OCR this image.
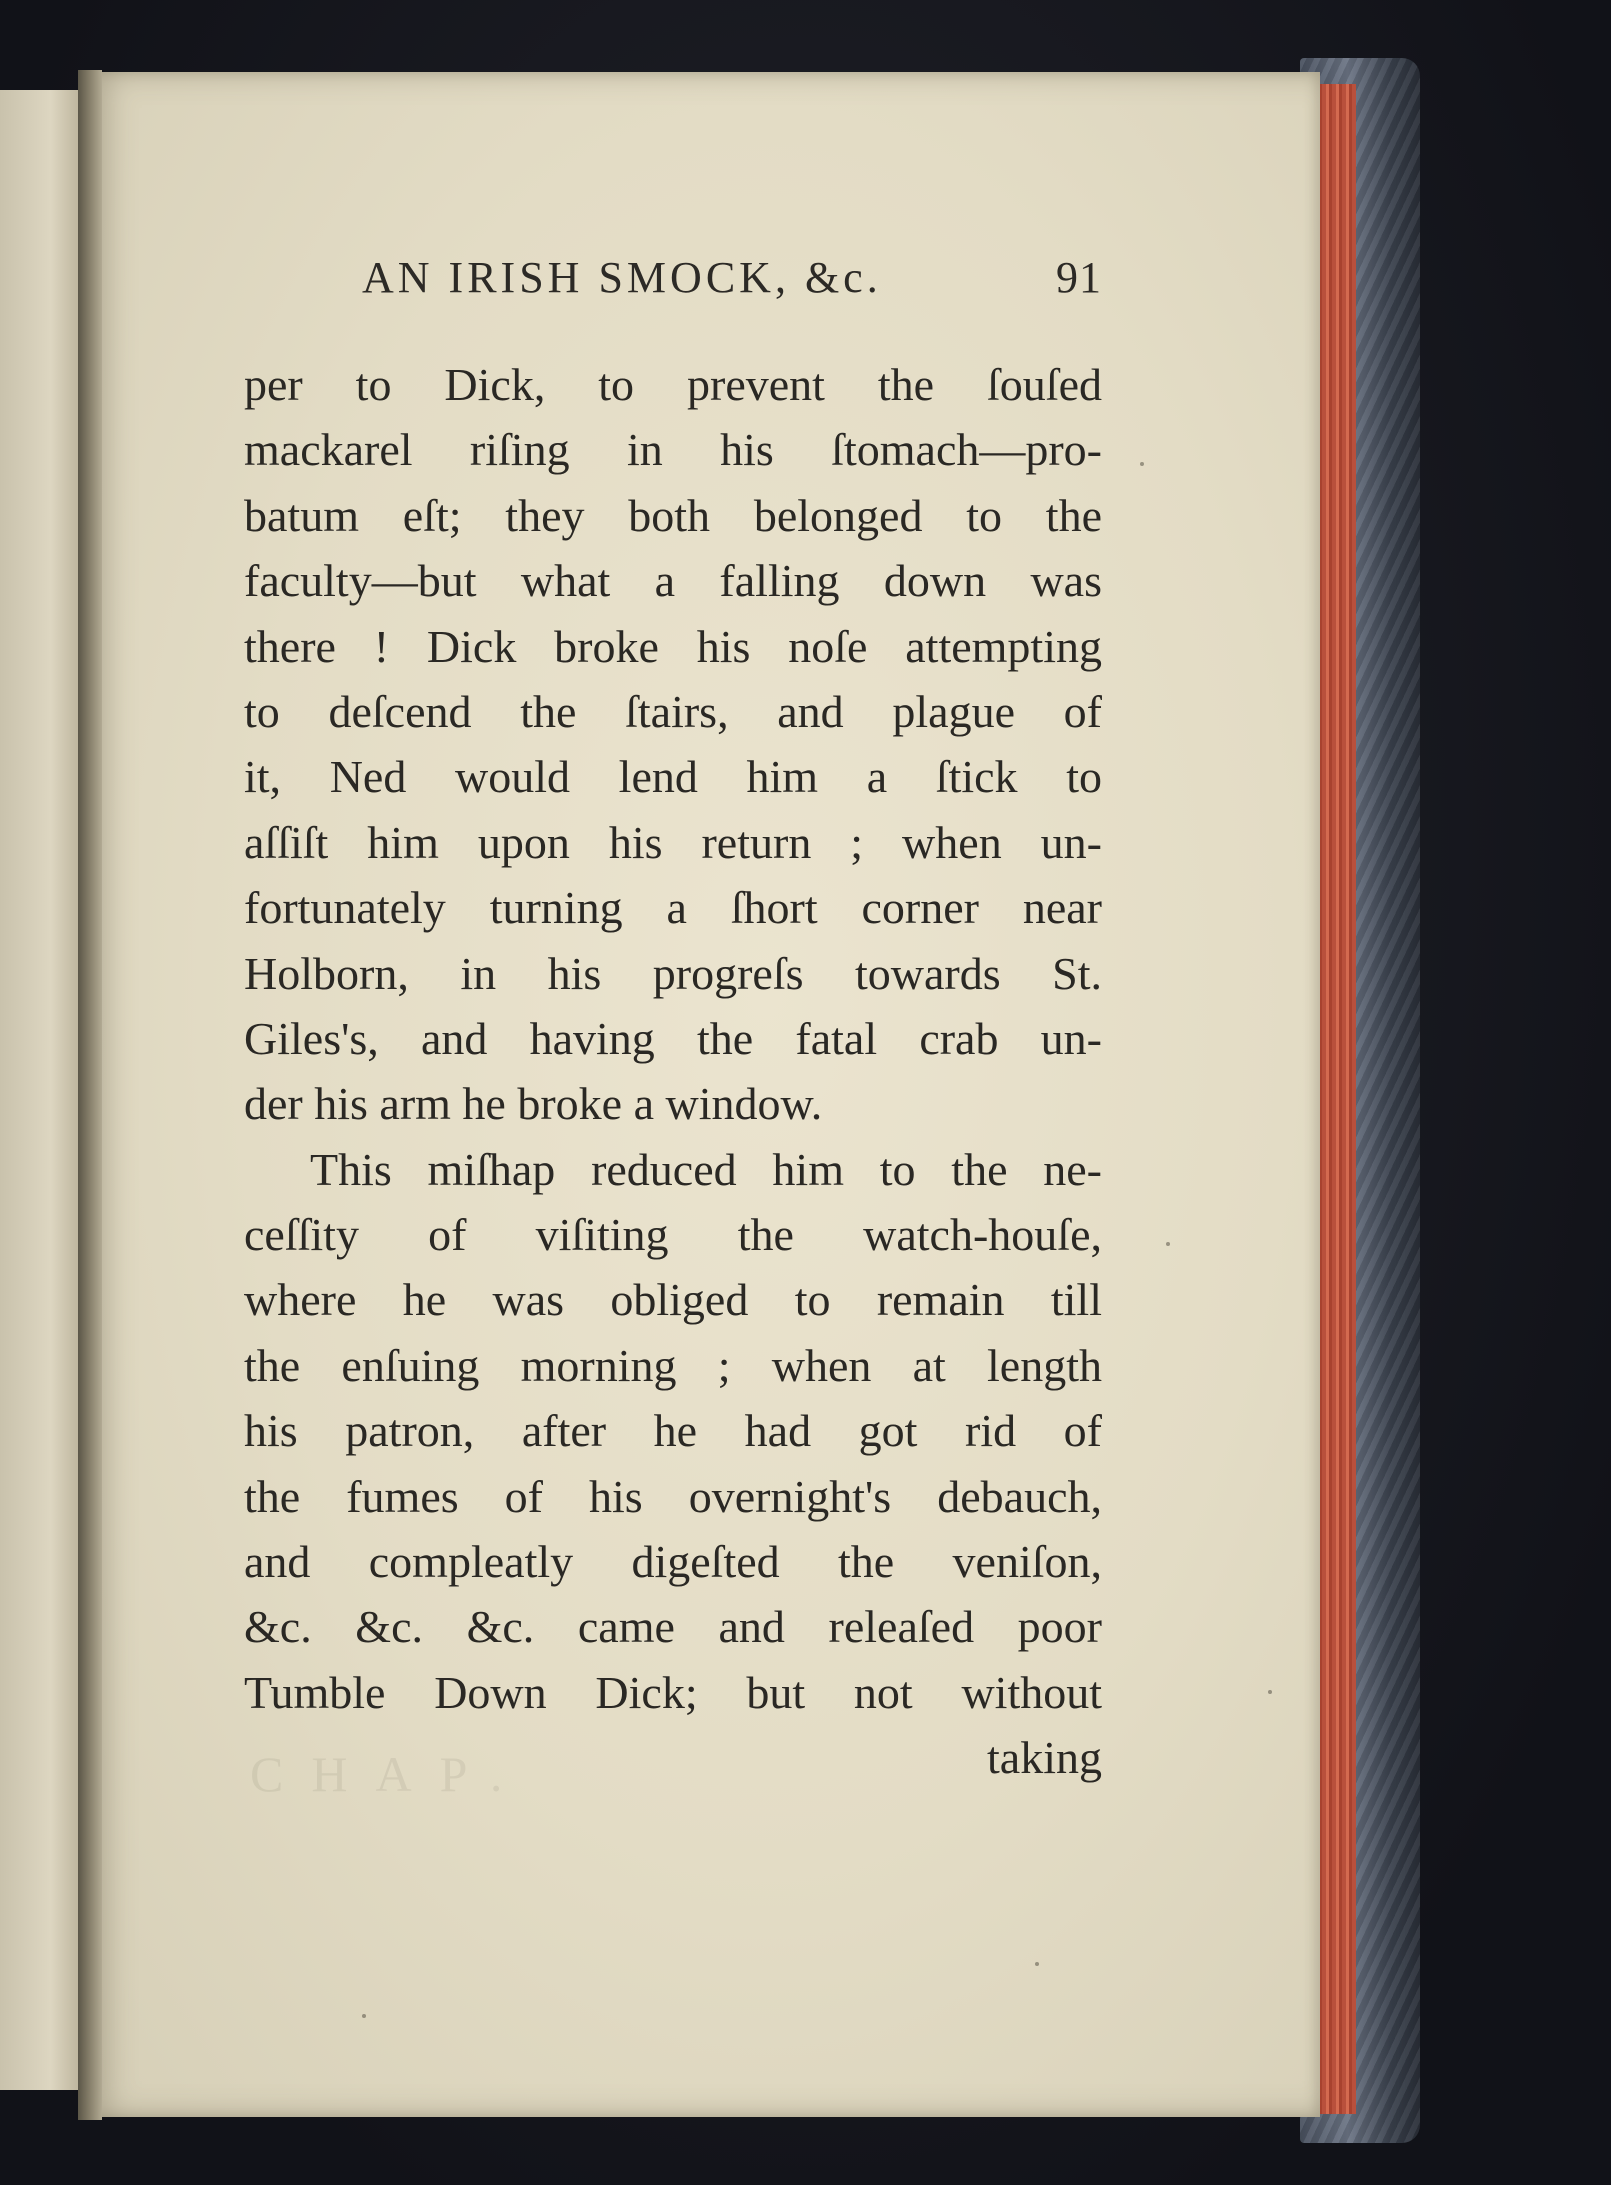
AN IRISH SMOCK, &c.	91
CHAP.
per to Dick, to prevent the ſouſed
mackarel riſing in his ſtomach—pro-
batum eſt; they both belonged to the
faculty—but what a falling down was
there ! Dick broke his noſe attempting
to deſcend the ſtairs, and plague of
it, Ned would lend him a ſtick to
aſſiſt him upon his return ; when un-
fortunately turning a ſhort corner near
Holborn, in his progreſs towards St.
Giles's, and having the fatal crab un-
der his arm he broke a window.
This miſhap reduced him to the ne-
ceſſity of viſiting the watch-houſe,
where he was obliged to remain till
the enſuing morning ; when at length
his patron, after he had got rid of
the fumes of his overnight's debauch,
and compleatly digeſted the veniſon,
&c. &c. &c. came and releaſed poor
Tumble Down Dick; but not without
taking
